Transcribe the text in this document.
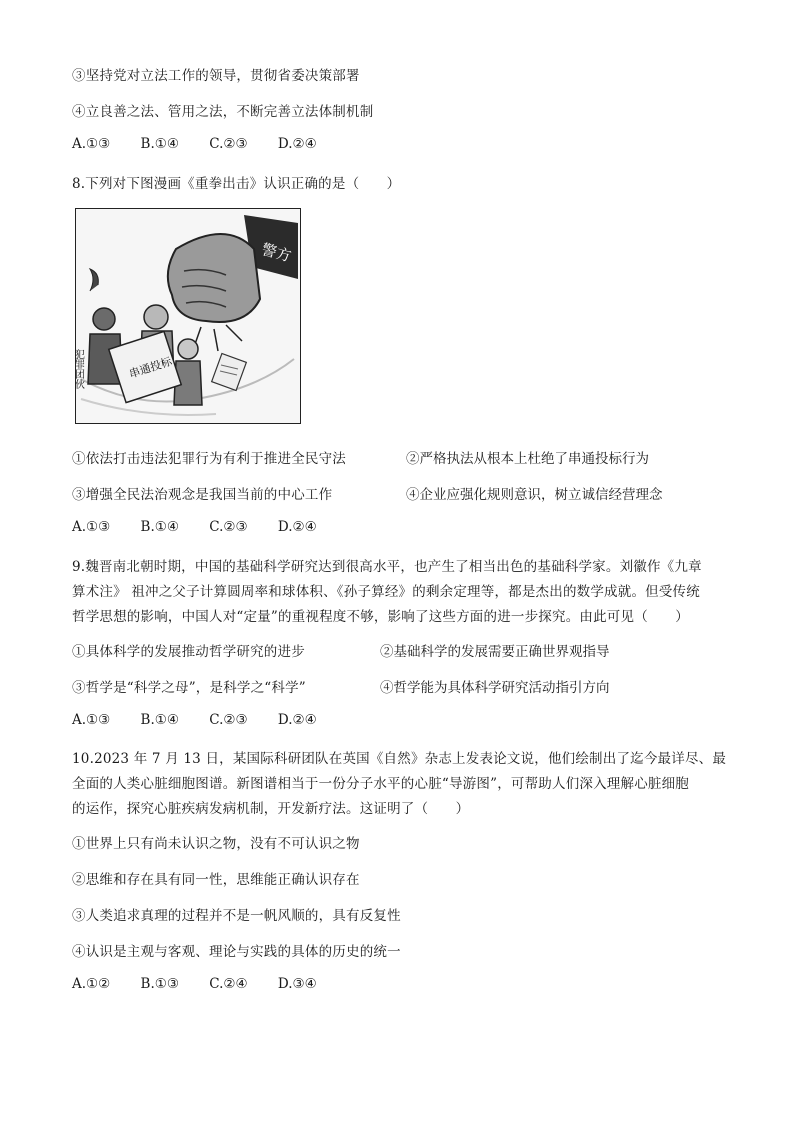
③坚持党对立法工作的领导，贯彻省委决策部署
④立良善之法、管用之法，不断完善立法体制机制
A.①③ B.①④ C.②③ D.②④
8.下列对下图漫画《重拳出击》认识正确的是（　　）
警方
串通投标
犯罪团伙
①依法打击违法犯罪行为有利于推进全民守法	②严格执法从根本上杜绝了串通投标行为
③增强全民法治观念是我国当前的中心工作	④企业应强化规则意识，树立诚信经营理念
A.①③ B.①④ C.②③ D.②④
9.魏晋南北朝时期，中国的基础科学研究达到很高水平，也产生了相当出色的基础科学家。刘徽作《九章
算术注》 祖冲之父子计算圆周率和球体积、《孙子算经》的剩余定理等，都是杰出的数学成就。但受传统
哲学思想的影响，中国人对“定量”的重视程度不够，影响了这些方面的进一步探究。由此可见（　　）
①具体科学的发展推动哲学研究的进步	②基础科学的发展需要正确世界观指导
③哲学是“科学之母”，是科学之“科学”	④哲学能为具体科学研究活动指引方向
A.①③ B.①④ C.②③ D.②④
10.2023 年 7 月 13 日，某国际科研团队在英国《自然》杂志上发表论文说，他们绘制出了迄今最详尽、最
全面的人类心脏细胞图谱。新图谱相当于一份分子水平的心脏“导游图”，可帮助人们深入理解心脏细胞
的运作，探究心脏疾病发病机制，开发新疗法。这证明了（　　）
①世界上只有尚未认识之物，没有不可认识之物
②思维和存在具有同一性，思维能正确认识存在
③人类追求真理的过程并不是一帆风顺的，具有反复性
④认识是主观与客观、理论与实践的具体的历史的统一
A.①② B.①③ C.②④ D.③④
